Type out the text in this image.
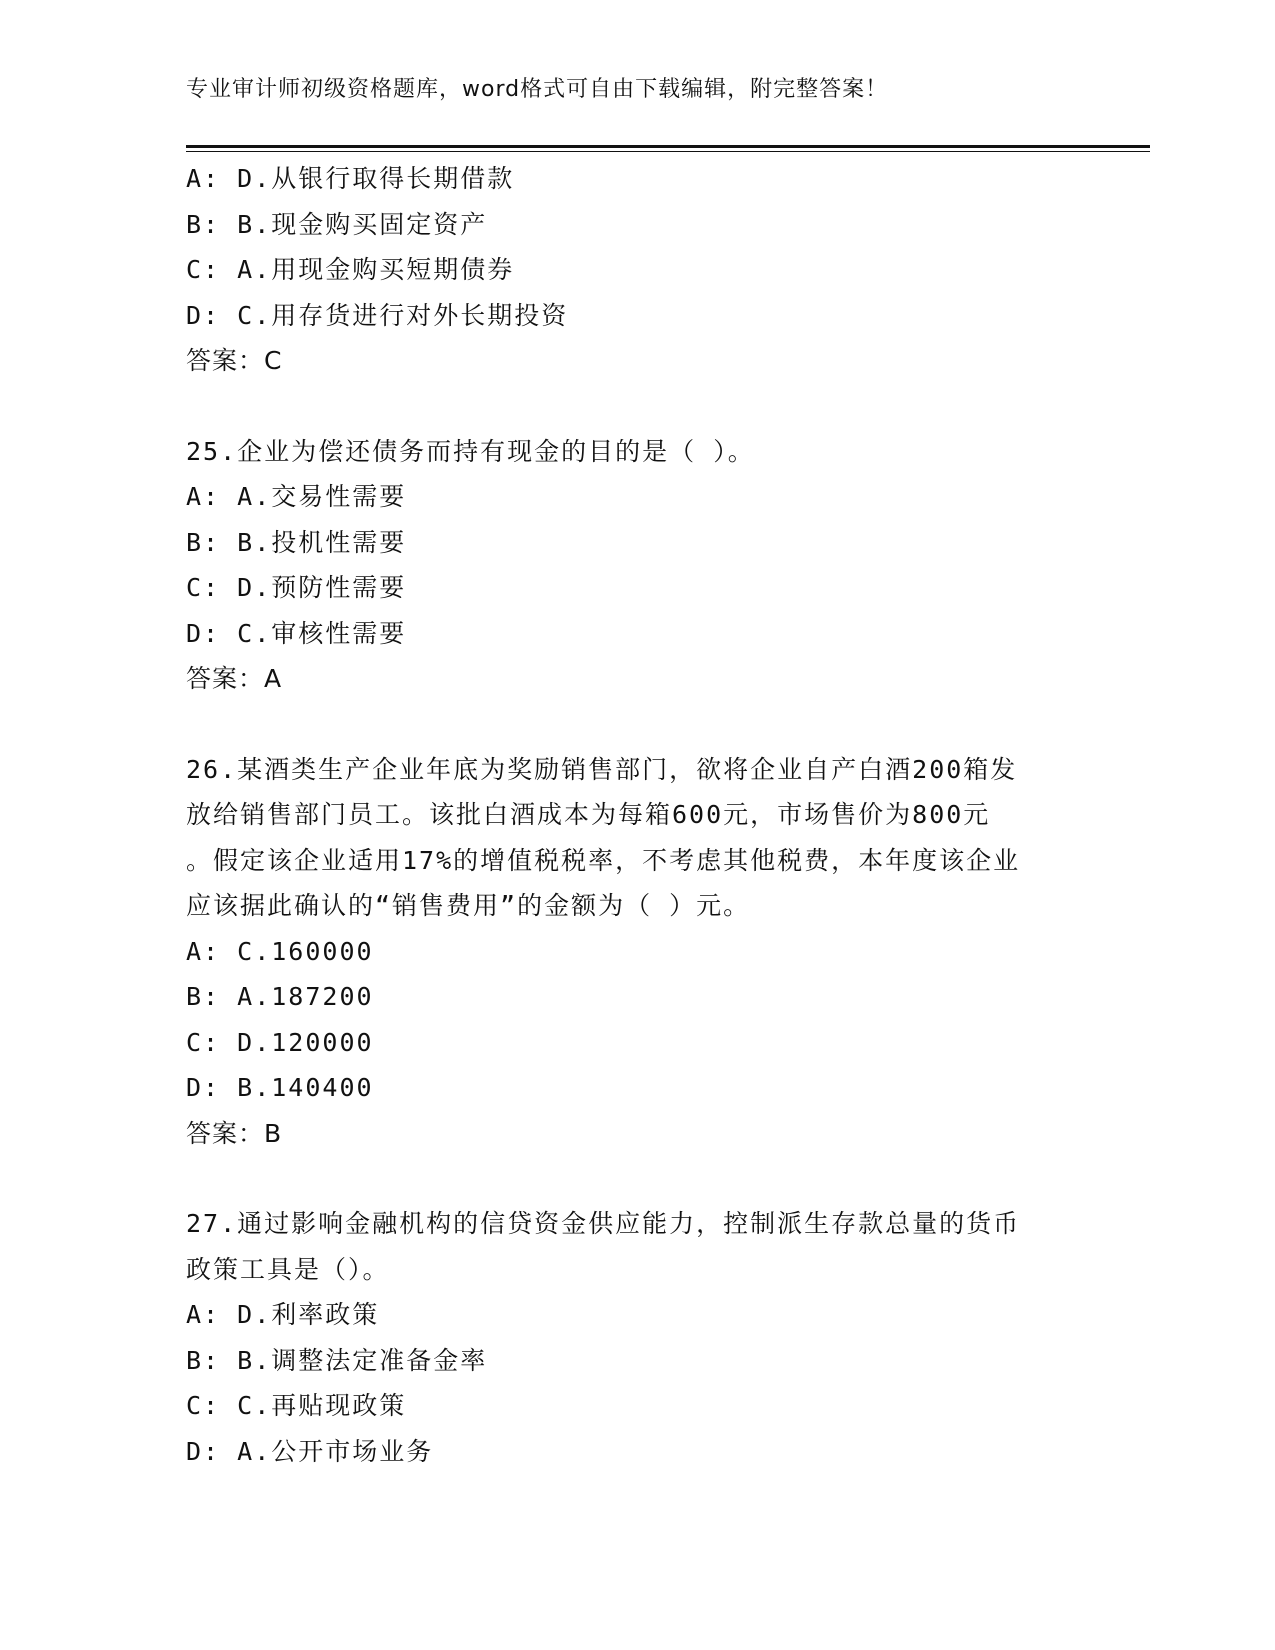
专业审计师初级资格题库，word格式可自由下载编辑，附完整答案！
A: D.从银行取得长期借款
B: B.现金购买固定资产
C: A.用现金购买短期债券
D: C.用存货进行对外长期投资
答案：C
25.企业为偿还债务而持有现金的目的是（ ）。
A: A.交易性需要
B: B.投机性需要
C: D.预防性需要
D: C.审核性需要
答案：A
26.某酒类生产企业年底为奖励销售部门，欲将企业自产白酒200箱发
放给销售部门员工。该批白酒成本为每箱600元，市场售价为800元
。假定该企业适用17%的增值税税率，不考虑其他税费，本年度该企业
应该据此确认的“销售费用”的金额为（ ）元。
A: C.160000
B: A.187200
C: D.120000
D: B.140400
答案：B
27.通过影响金融机构的信贷资金供应能力，控制派生存款总量的货币
政策工具是（）。
A: D.利率政策
B: B.调整法定准备金率
C: C.再贴现政策
D: A.公开市场业务
